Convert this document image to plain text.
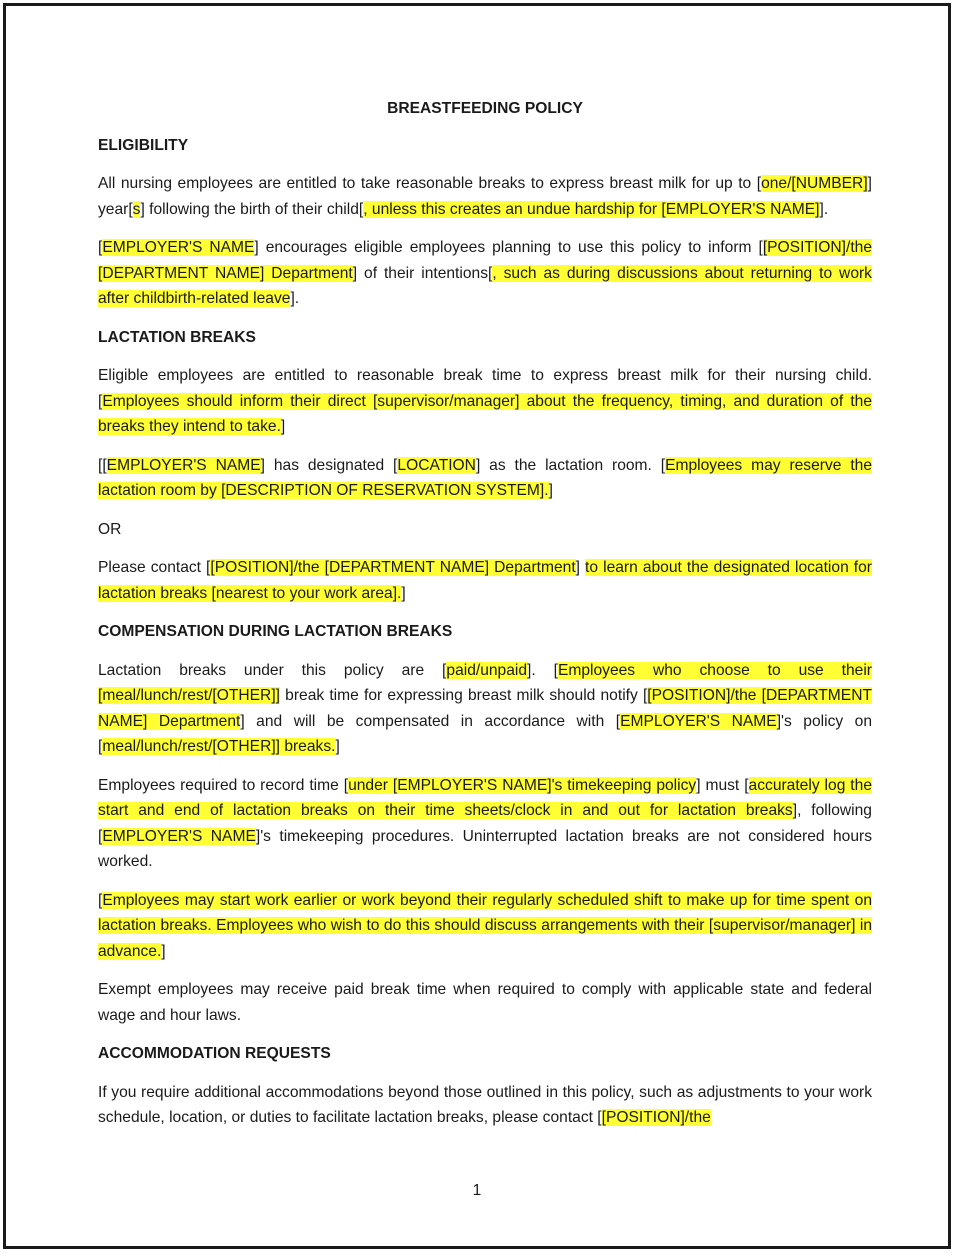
BREASTFEEDING POLICY
ELIGIBILITY

All nursing employees are entitled to take reasonable breaks to express breast milk for up to [one/[NUMBER]] year[s] following the birth of their child[, unless this creates an undue hardship for [EMPLOYER'S NAME]].

[EMPLOYER'S NAME] encourages eligible employees planning to use this policy to inform [[POSITION]/the [DEPARTMENT NAME] Department] of their intentions[, such as during discussions about returning to work after childbirth-related leave].

LACTATION BREAKS

Eligible employees are entitled to reasonable break time to express breast milk for their nursing child. [Employees should inform their direct [supervisor/manager] about the frequency, timing, and duration of the breaks they intend to take.]

[[EMPLOYER'S NAME] has designated [LOCATION] as the lactation room. [Employees may reserve the lactation room by [DESCRIPTION OF RESERVATION SYSTEM].]

OR

Please contact [[POSITION]/the [DEPARTMENT NAME] Department] to learn about the designated location for lactation breaks [nearest to your work area].]

COMPENSATION DURING LACTATION BREAKS

Lactation breaks under this policy are [paid/unpaid]. [Employees who choose to use their [meal/lunch/rest/[OTHER]] break time for expressing breast milk should notify [[POSITION]/the [DEPARTMENT NAME] Department] and will be compensated in accordance with [EMPLOYER'S NAME]'s policy on [meal/lunch/rest/[OTHER]] breaks.]

Employees required to record time [under [EMPLOYER'S NAME]'s timekeeping policy] must [accurately log the start and end of lactation breaks on their time sheets/clock in and out for lactation breaks], following [EMPLOYER'S NAME]'s timekeeping procedures. Uninterrupted lactation breaks are not considered hours worked.

[Employees may start work earlier or work beyond their regularly scheduled shift to make up for time spent on lactation breaks. Employees who wish to do this should discuss arrangements with their [supervisor/manager] in advance.]

Exempt employees may receive paid break time when required to comply with applicable state and federal wage and hour laws.

ACCOMMODATION REQUESTS

If you require additional accommodations beyond those outlined in this policy, such as adjustments to your work schedule, location, or duties to facilitate lactation breaks, please contact [[POSITION]/the

1
